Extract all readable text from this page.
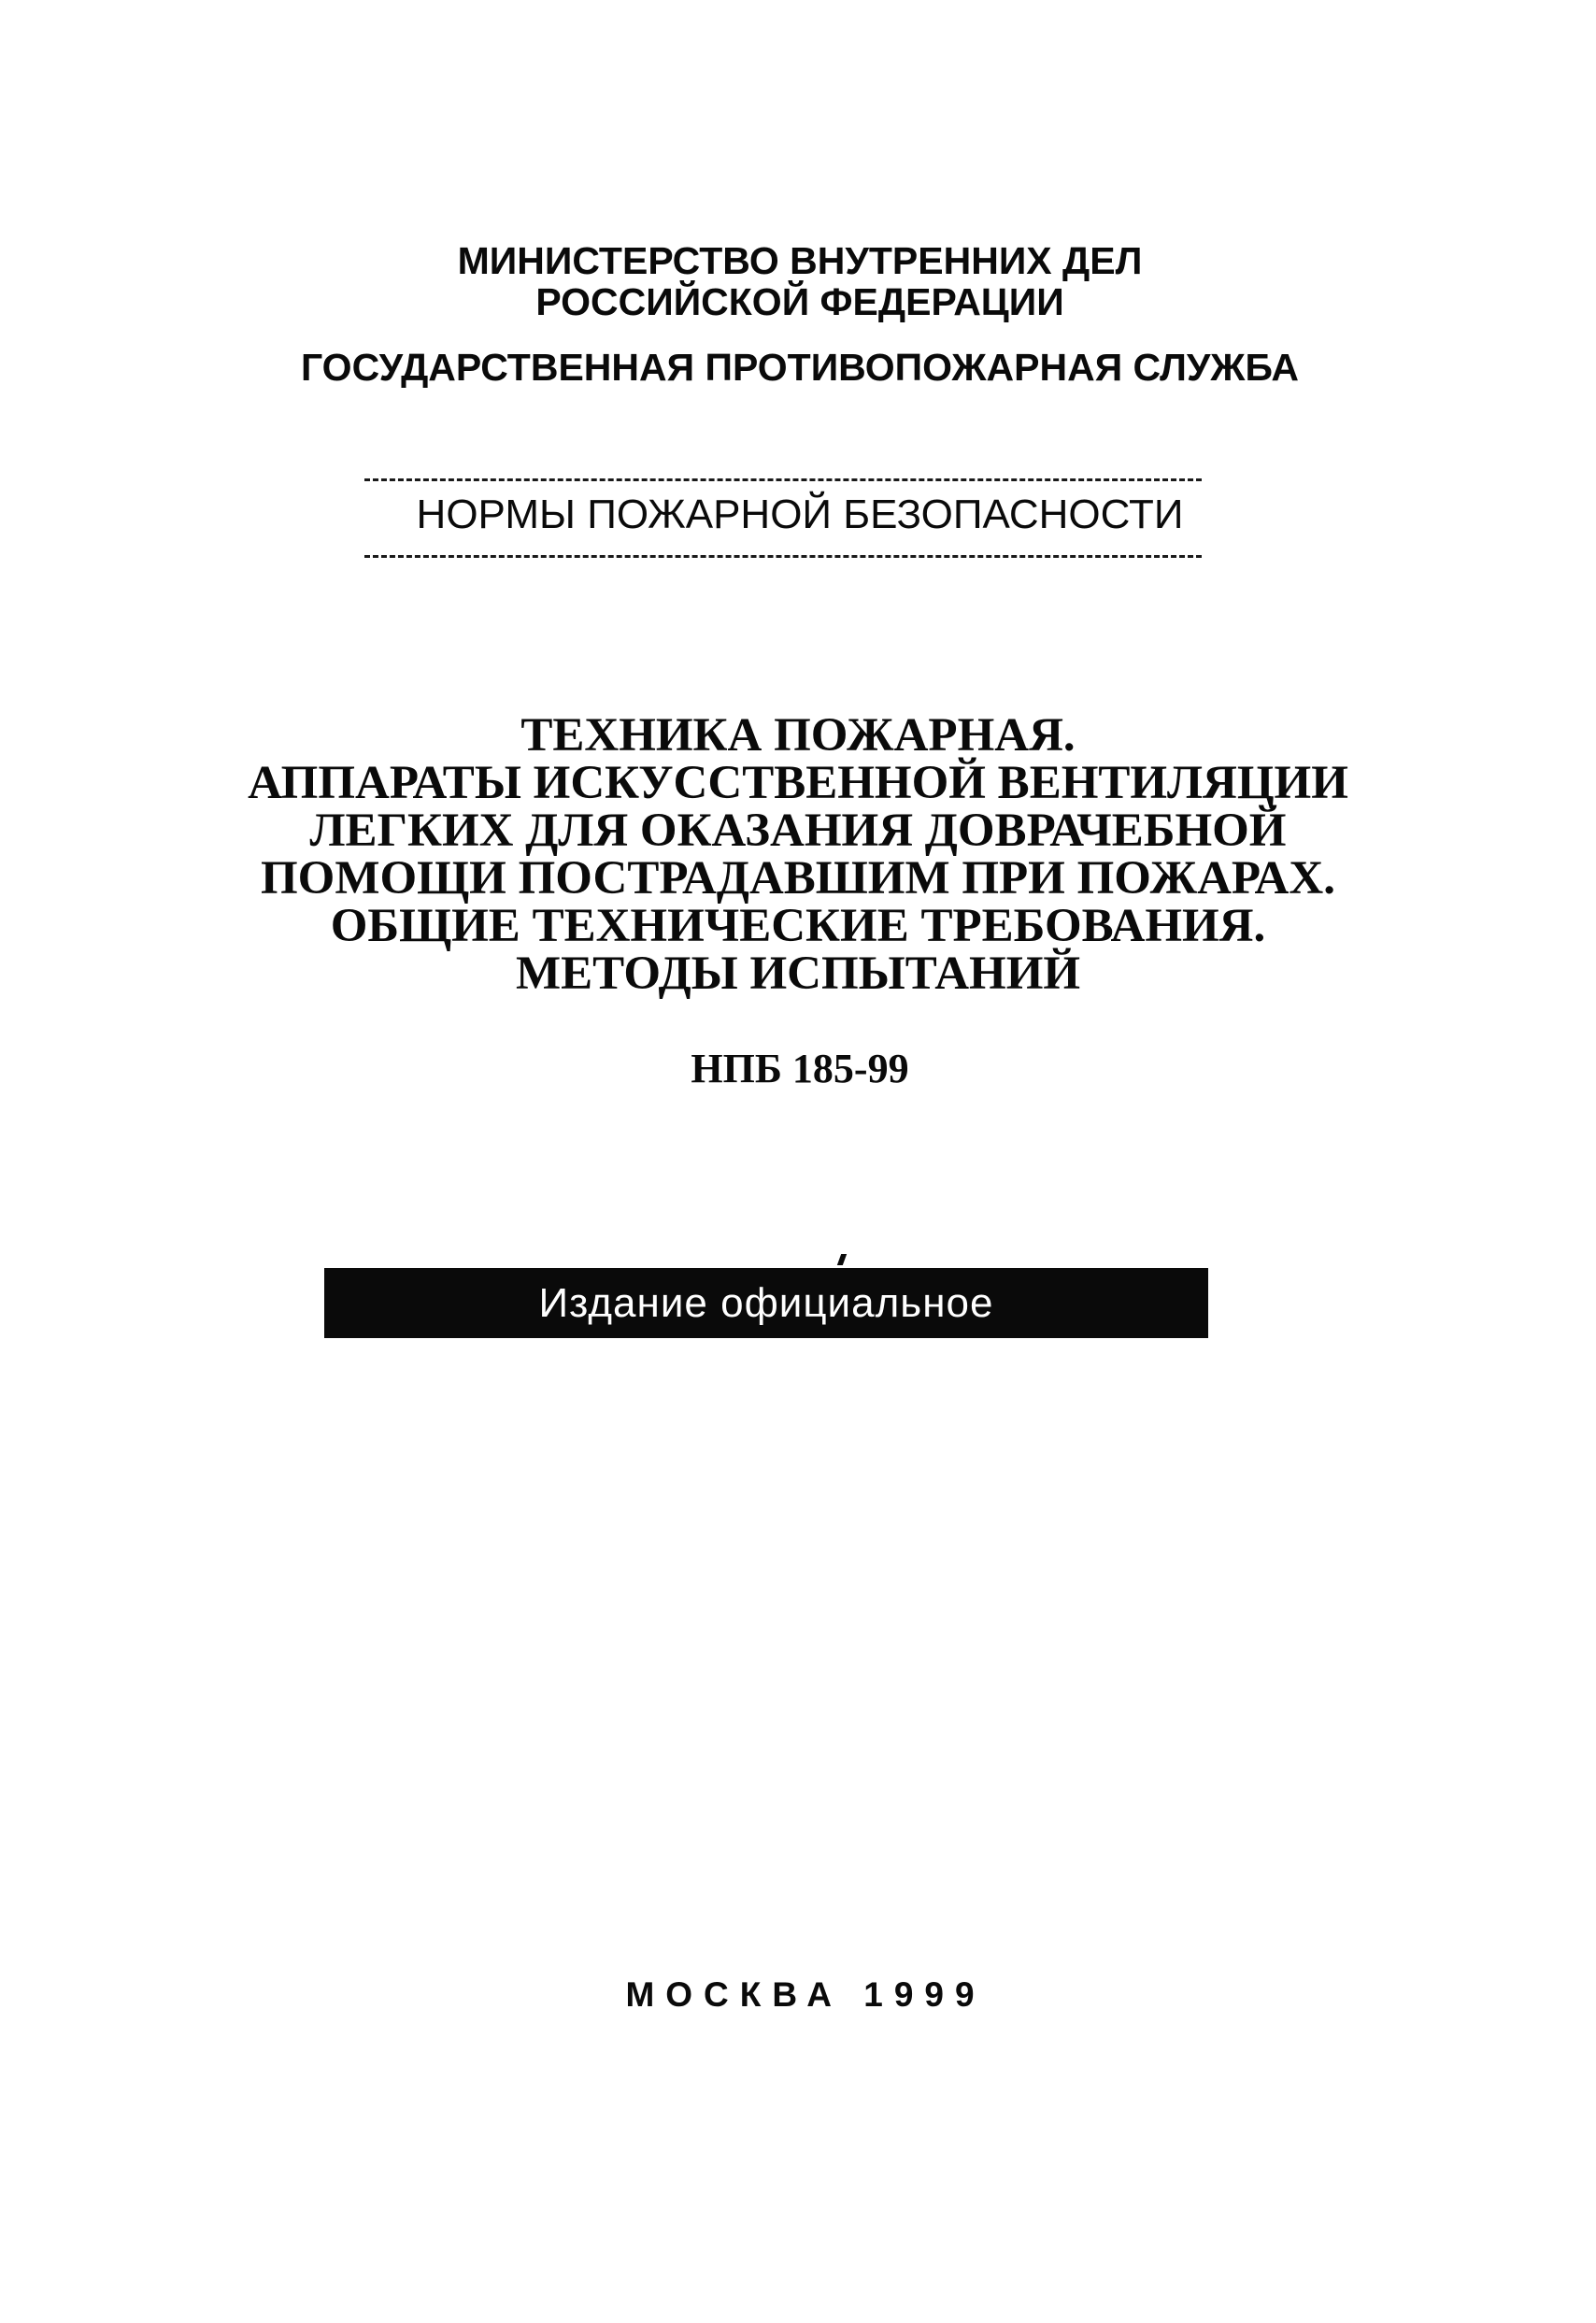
МИНИСТЕРСТВО ВНУТРЕННИХ ДЕЛ
РОССИЙСКОЙ ФЕДЕРАЦИИ
ГОСУДАРСТВЕННАЯ ПРОТИВОПОЖАРНАЯ СЛУЖБА
НОРМЫ ПОЖАРНОЙ БЕЗОПАСНОСТИ
ТЕХНИКА ПОЖАРНАЯ.
АППАРАТЫ ИСКУССТВЕННОЙ ВЕНТИЛЯЦИИ
ЛЕГКИХ ДЛЯ ОКАЗАНИЯ ДОВРАЧЕБНОЙ
ПОМОЩИ ПОСТРАДАВШИМ ПРИ ПОЖАРАХ.
ОБЩИЕ ТЕХНИЧЕСКИЕ ТРЕБОВАНИЯ.
МЕТОДЫ ИСПЫТАНИЙ
НПБ 185-99
Издание официальное
МОСКВА 1999
